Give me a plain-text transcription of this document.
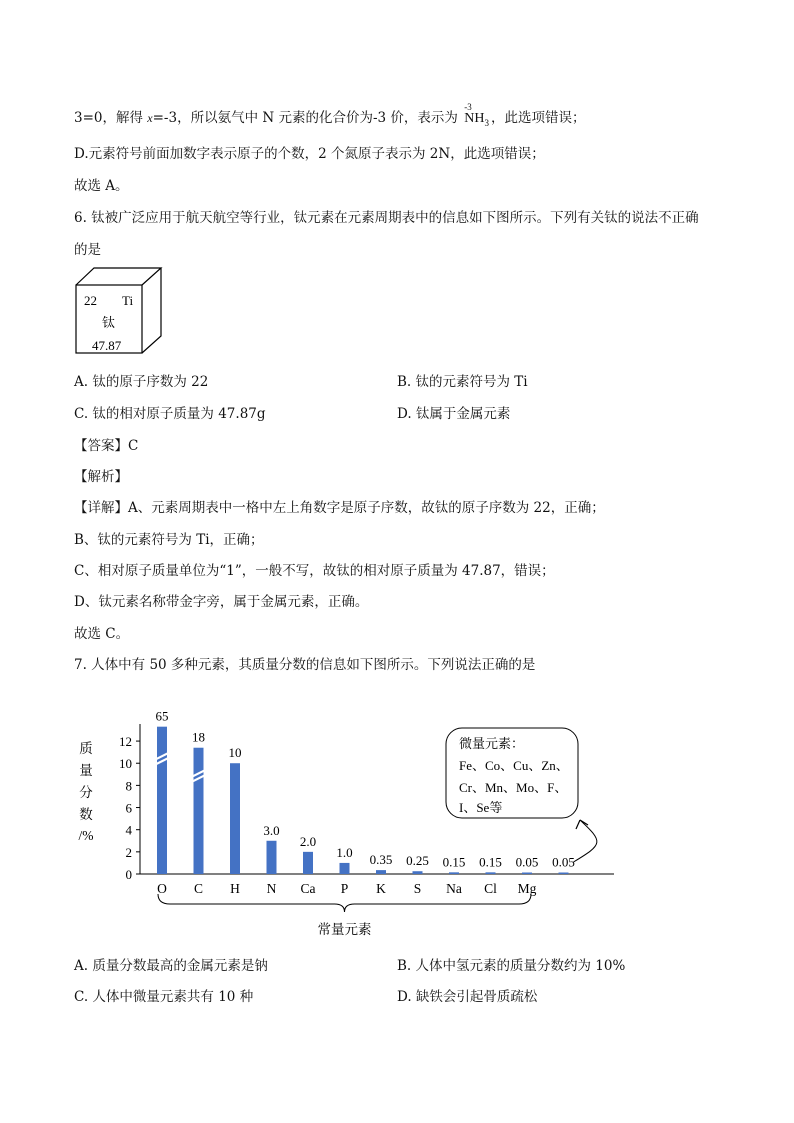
3=0，解得 x=-3，所以氨气中 N 元素的化合价为-3 价，表示为
-3
$NH_3$ ，此选项错误；
D.元素符号前面加数字表示原子的个数，2 个氮原子表示为 2N，此选项错误；
故选 A。
6. 钛被广泛应用于航天航空等行业，钛元素在元素周期表中的信息如下图所示。下列有关钛的说法不正确
的是
22 Ti
钛
47.87
A. 钛的原子序数为 22	B. 钛的元素符号为 Ti
C. 钛的相对原子质量为 47.87g	D. 钛属于金属元素
【答案】C
【解析】
【详解】A、元素周期表中一格中左上角数字是原子序数，故钛的原子序数为 22，正确；
B、钛的元素符号为 Ti，正确；
C、相对原子质量单位为“1”，一般不写，故钛的相对原子质量为 47.87，错误；
D、钛元素名称带金字旁，属于金属元素，正确。
故选 C。
7. 人体中有 50 多种元素，其质量分数的信息如下图所示。下列说法正确的是
0
2
4
6
8
10
12
质
量
分
数
/%
65
18
10
3.0
2.0
1.0 0.35 0.25 0.15 0.15 0.05 0.05
O C H N Ca P K S Na Cl Mg
常量元素
微量元素：
Fe、Co、Cu、Zn、
Cr、Mn、Mo、F、
I、Se等
A. 质量分数最高的金属元素是钠	B. 人体中氢元素的质量分数约为 10%
C. 人体中微量元素共有 10 种	D. 缺铁会引起骨质疏松
